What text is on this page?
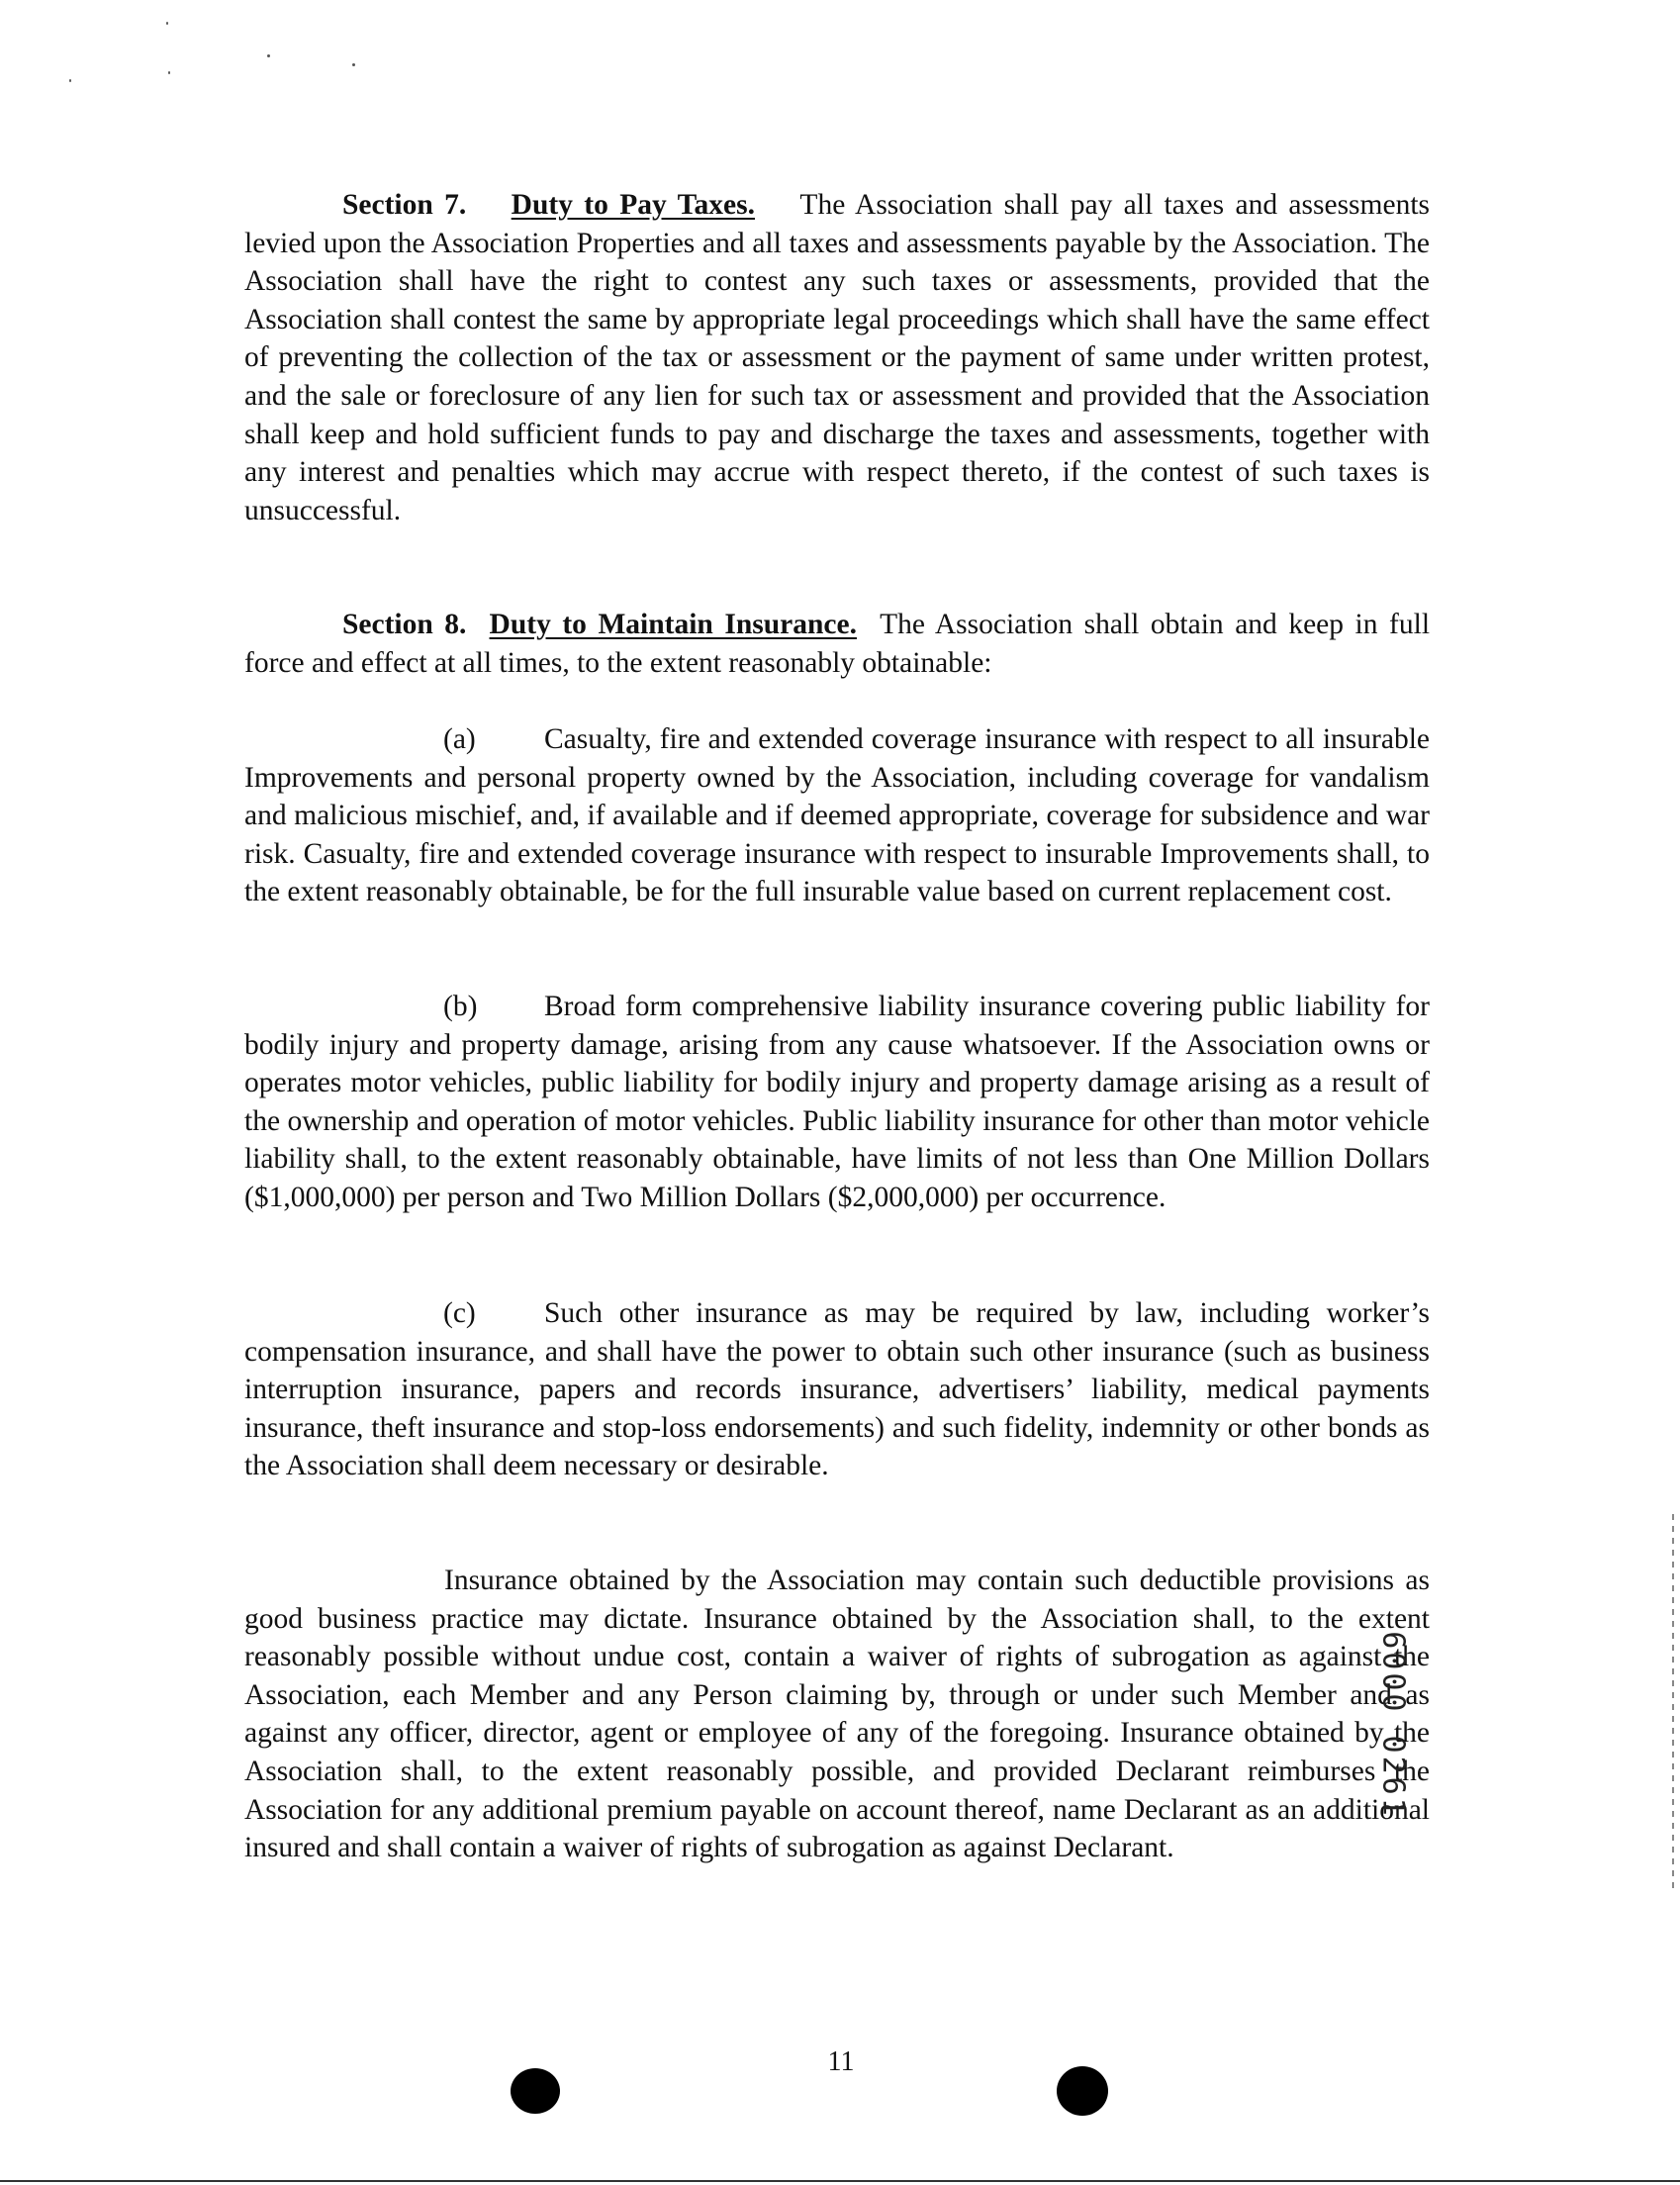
Section 7. Duty to Pay Taxes. The Association shall pay all taxes and assessments levied upon the Association Properties and all taxes and assessments payable by the Association. The Association shall have the right to contest any such taxes or assessments, provided that the Association shall contest the same by appropriate legal proceedings which shall have the same effect of preventing the collection of the tax or assessment or the payment of same under written protest, and the sale or foreclosure of any lien for such tax or assessment and provided that the Association shall keep and hold sufficient funds to pay and discharge the taxes and assessments, together with any interest and penalties which may accrue with respect thereto, if the contest of such taxes is unsuccessful.

Section 8. Duty to Maintain Insurance. The Association shall obtain and keep in full force and effect at all times, to the extent reasonably obtainable:

(a) Casualty, fire and extended coverage insurance with respect to all insurable Improvements and personal property owned by the Association, including coverage for vandalism and malicious mischief, and, if available and if deemed appropriate, coverage for subsidence and war risk. Casualty, fire and extended coverage insurance with respect to insurable Improvements shall, to the extent reasonably obtainable, be for the full insurable value based on current replacement cost.

(b) Broad form comprehensive liability insurance covering public liability for bodily injury and property damage, arising from any cause whatsoever. If the Association owns or operates motor vehicles, public liability for bodily injury and property damage arising as a result of the ownership and operation of motor vehicles. Public liability insurance for other than motor vehicle liability shall, to the extent reasonably obtainable, have limits of not less than One Million Dollars ($1,000,000) per person and Two Million Dollars ($2,000,000) per occurrence.

(c) Such other insurance as may be required by law, including worker’s compensation insurance, and shall have the power to obtain such other insurance (such as business interruption insurance, papers and records insurance, advertisers’ liability, medical payments insurance, theft insurance and stop-loss endorsements) and such fidelity, indemnity or other bonds as the Association shall deem necessary or desirable.

Insurance obtained by the Association may contain such deductible provisions as good business practice may dictate. Insurance obtained by the Association shall, to the extent reasonably possible without undue cost, contain a waiver of rights of subrogation as against the Association, each Member and any Person claiming by, through or under such Member and as against any officer, director, agent or employee of any of the foregoing. Insurance obtained by the Association shall, to the extent reasonably possible, and provided Declarant reimburses the Association for any additional premium payable on account thereof, name Declarant as an additional insured and shall contain a waiver of rights of subrogation as against Declarant.

11
6000 0261
